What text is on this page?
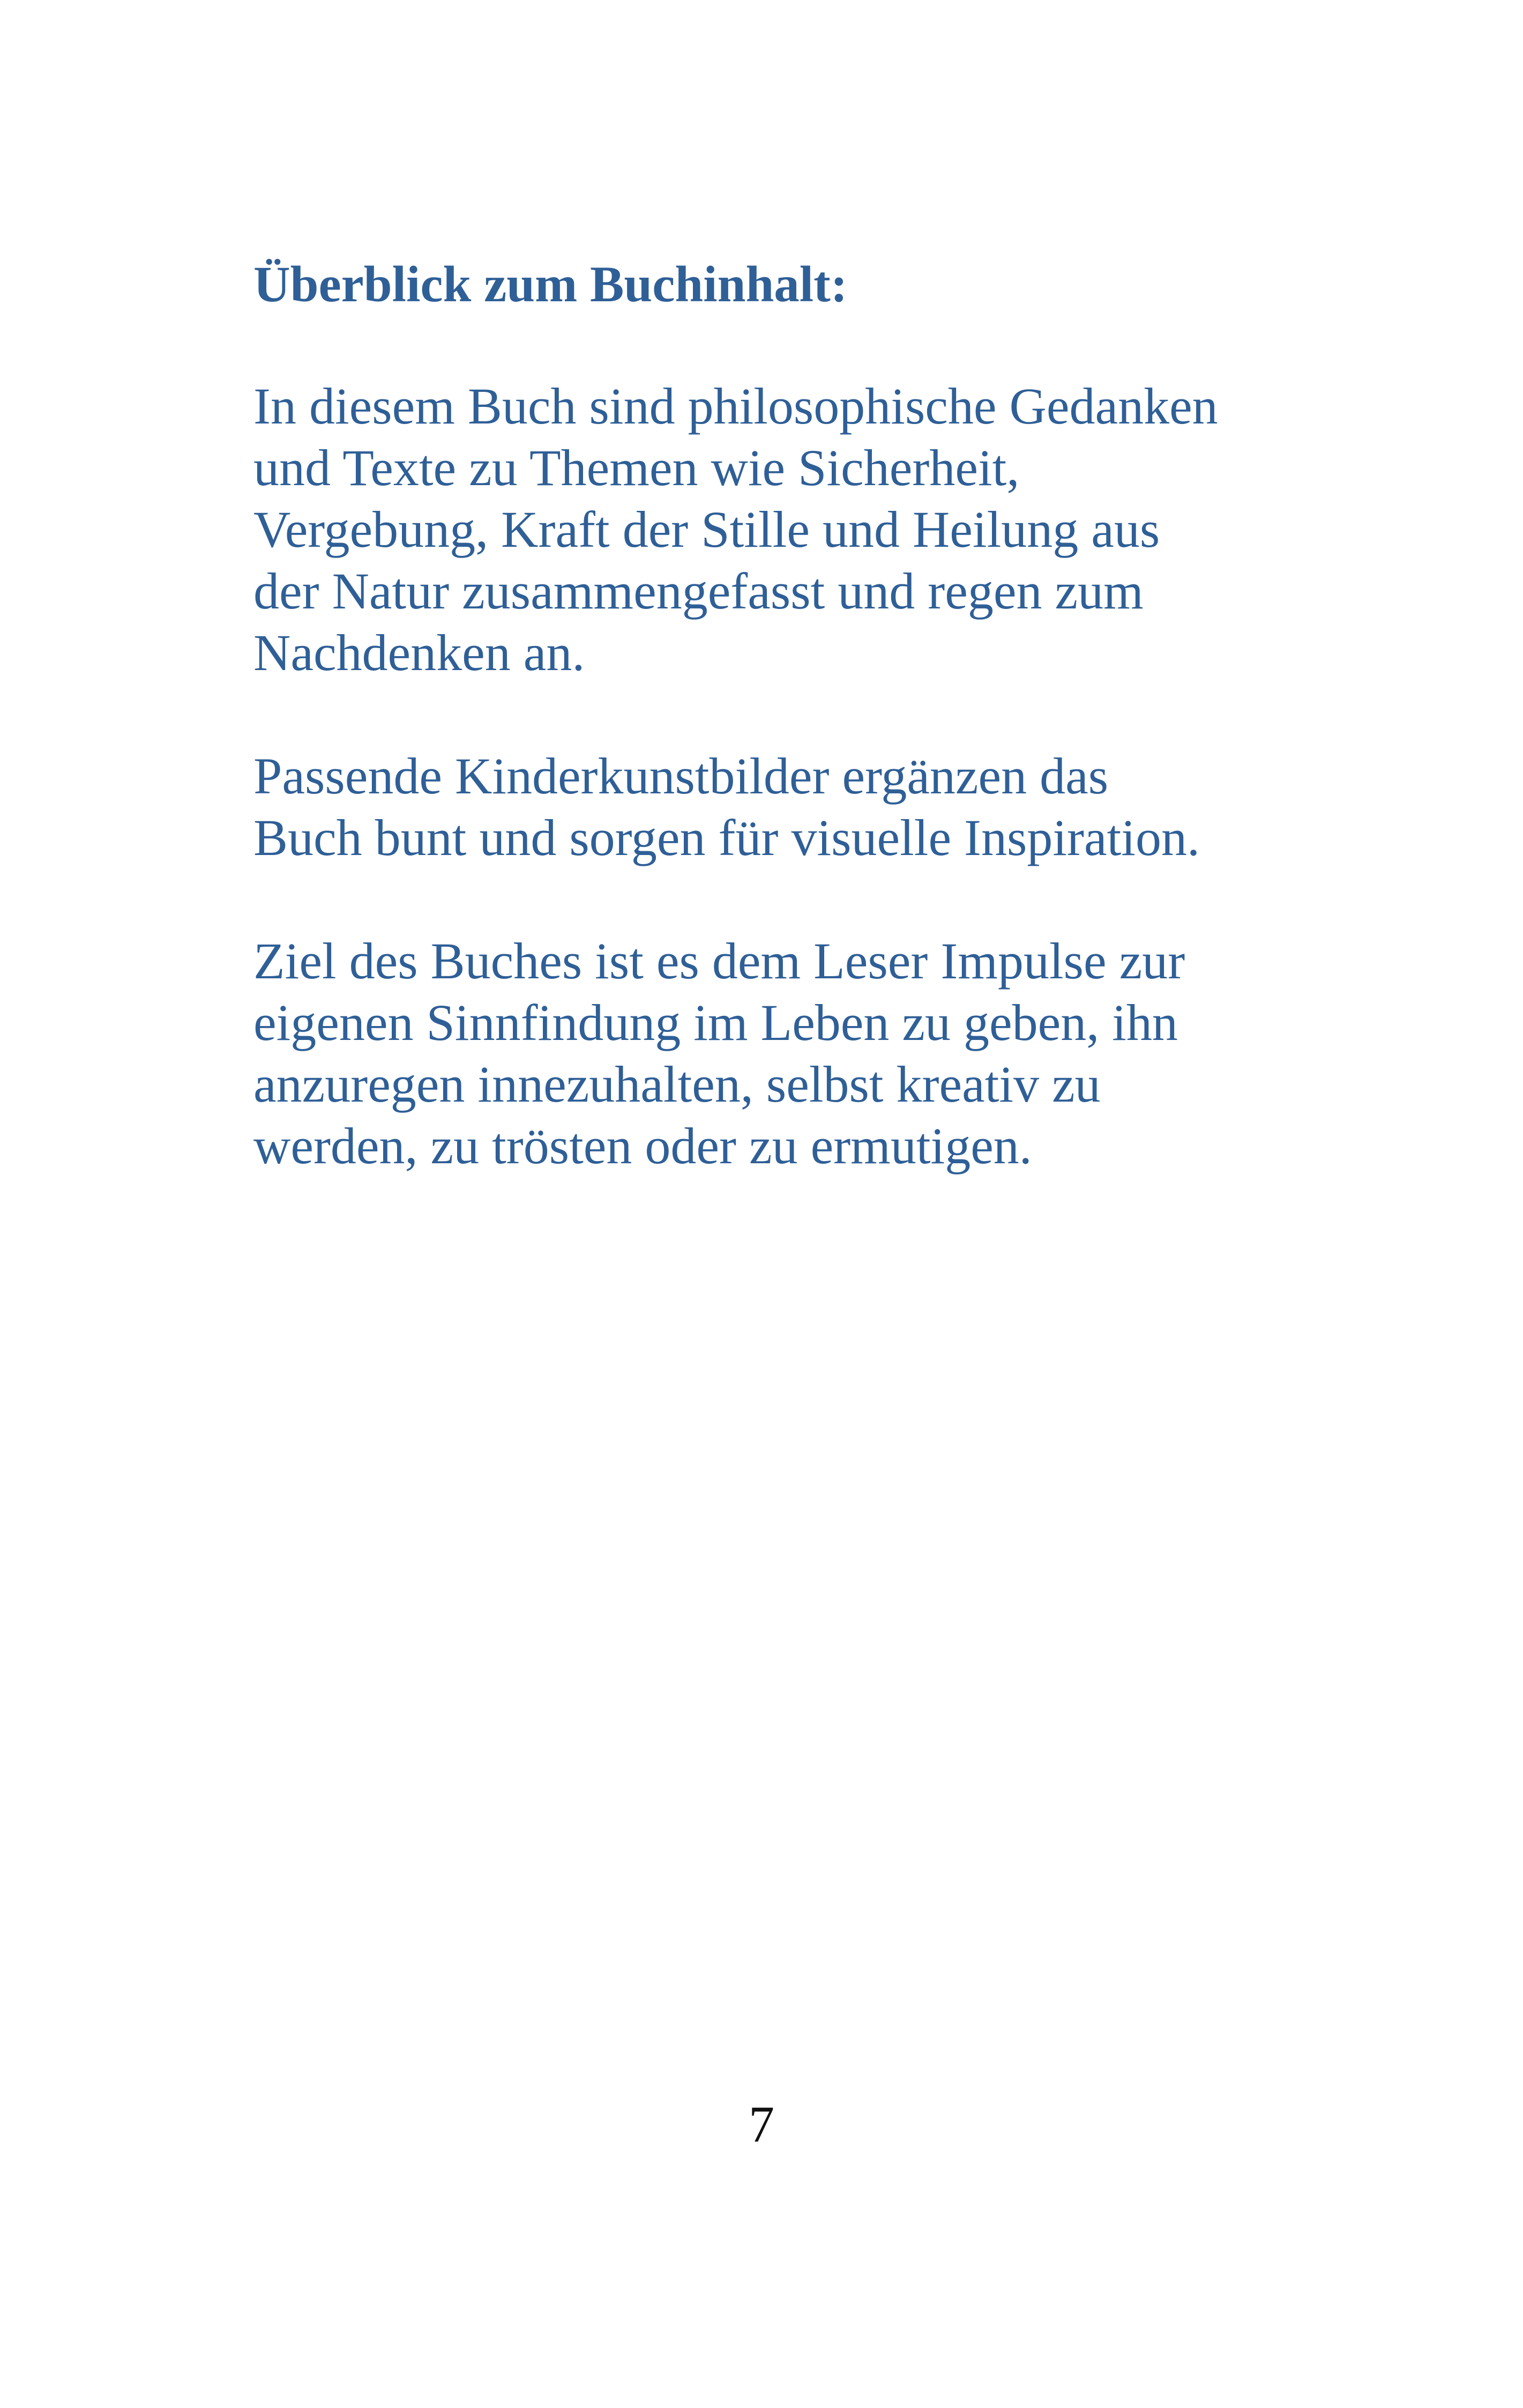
Überblick zum Buchinhalt:

In diesem Buch sind philosophische Gedanken
und Texte zu Themen wie Sicherheit,
Vergebung, Kraft der Stille und Heilung aus
der Natur zusammengefasst und regen zum
Nachdenken an.

Passende Kinderkunstbilder ergänzen das
Buch bunt und sorgen für visuelle Inspiration.

Ziel des Buches ist es dem Leser Impulse zur
eigenen Sinnfindung im Leben zu geben, ihn
anzuregen innezuhalten, selbst kreativ zu
werden, zu trösten oder zu ermutigen.

7
